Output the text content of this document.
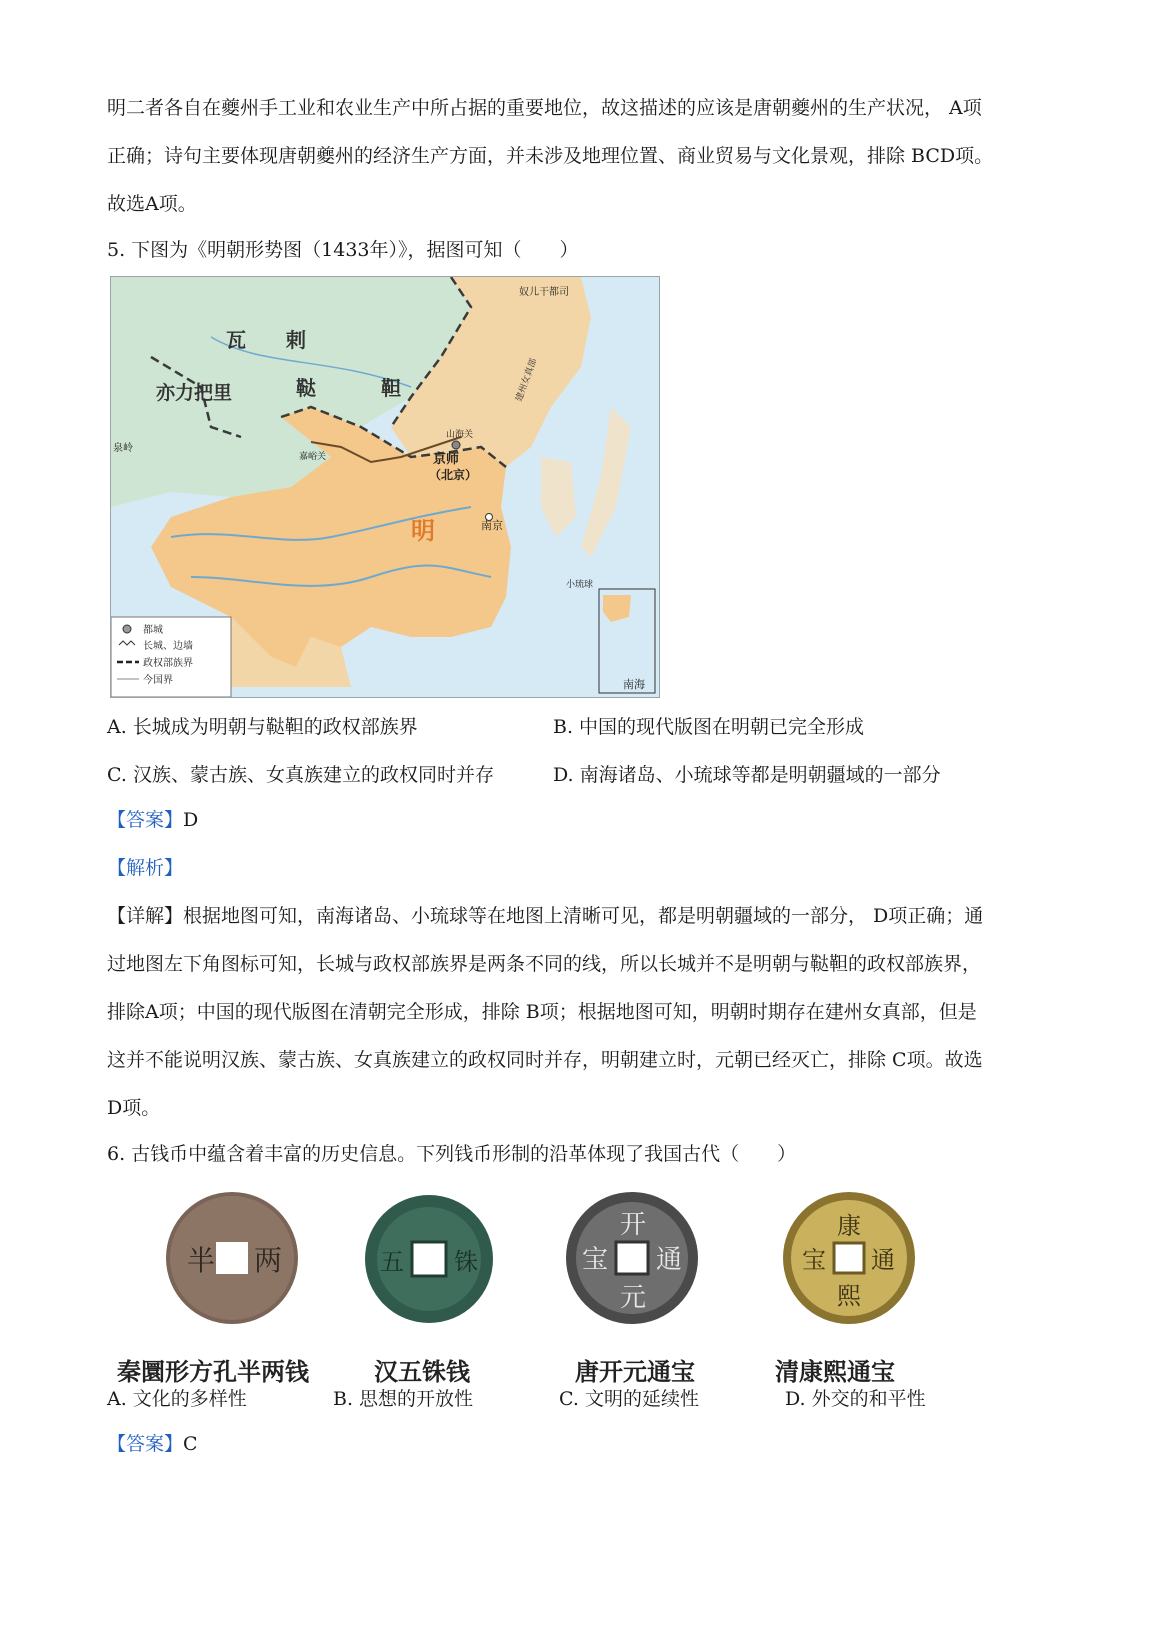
明二者各自在夔州手工业和农业生产中所占据的重要地位，故这描述的应该是唐朝夔州的生产状况， A项
正确；诗句主要体现唐朝夔州的经济生产方面，并未涉及地理位置、商业贸易与文化景观，排除 BCD项。
故选A项。

5. 下图为《明朝形势图（1433年）》，据图可知（　　）

瓦　　剌
鞑	靼
亦力把里
明
京师
（北京）
南京
奴儿干都司
建州女真部
山海关
嘉峪关
小琉球
泉岭
南海
都城
长城、边墙
政权部族界
今国界
A. 长城成为明朝与鞑靼的政权部族界	B. 中国的现代版图在明朝已完全形成
C. 汉族、蒙古族、女真族建立的政权同时并存	D. 南海诸岛、小琉球等都是明朝疆域的一部分

【答案】D

【解析】

【详解】根据地图可知，南海诸岛、小琉球等在地图上清晰可见，都是明朝疆域的一部分， D项正确；通
过地图左下角图标可知，长城与政权部族界是两条不同的线，所以长城并不是明朝与鞑靼的政权部族界，
排除A项；中国的现代版图在清朝完全形成，排除 B项；根据地图可知，明朝时期存在建州女真部，但是
这并不能说明汉族、蒙古族、女真族建立的政权同时并存，明朝建立时，元朝已经灭亡，排除 C项。故选
D项。

6. 古钱币中蕴含着丰富的历史信息。下列钱币形制的沿革体现了我国古代（　　）

半 两
秦圜形方孔半两钱
五 铢
汉五铢钱
开
元
通
宝
唐开元通宝
康
熙
通
宝
清康熙通宝
A. 文化的多样性	B. 思想的开放性	C. 文明的延续性	D. 外交的和平性

【答案】C
